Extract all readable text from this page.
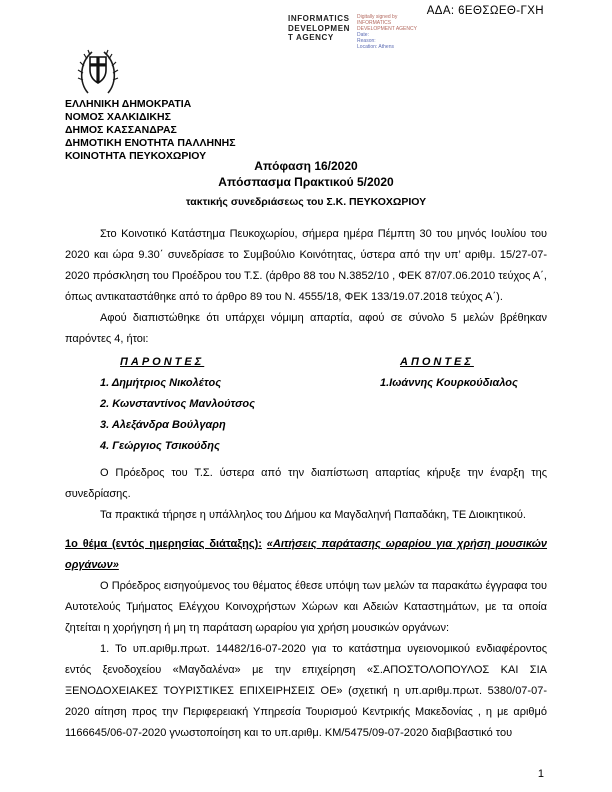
ΑΔΑ: 6ΕΘΣΩΕΘ-ΓΧΗ
INFORMATICS
DEVELOPMEN
T AGENCY
Digitally signed by
INFORMATICS
DEVELOPMENT AGENCY
Date:
Reason:
Location: Athens
ΕΛΛΗΝΙΚΗ ΔΗΜΟΚΡΑΤΙΑ
ΝΟΜΟΣ ΧΑΛΚΙΔΙΚΗΣ
ΔΗΜΟΣ ΚΑΣΣΑΝΔΡΑΣ
ΔΗΜΟΤΙΚΗ ΕΝΟΤΗΤΑ ΠΑΛΛΗΝΗΣ
ΚΟΙΝΟΤΗΤΑ ΠΕΥΚΟΧΩΡΙΟΥ
Απόφαση 16/2020
Απόσπασμα Πρακτικού 5/2020
τακτικής συνεδριάσεως του Σ.Κ. ΠΕΥΚΟΧΩΡΙΟΥ

Στο Κοινοτικό Κατάστημα Πευκοχωρίου, σήμερα ημέρα Πέμπτη 30 του μηνός Ιουλίου του 2020 και ώρα 9.30΄ συνεδρίασε το Συμβούλιο Κοινότητας, ύστερα από την υπ’ αριθμ. 15/27-07-2020 πρόσκληση του Προέδρου του Τ.Σ. (άρθρο 88 του Ν.3852/10 , ΦΕΚ 87/07.06.2010 τεύχος Α΄, όπως αντικαταστάθηκε από το άρθρο 89 του Ν. 4555/18, ΦΕΚ 133/19.07.2018 τεύχος Α΄).

Αφού διαπιστώθηκε ότι υπάρχει νόμιμη απαρτία, αφού σε σύνολο 5 μελών βρέθηκαν παρόντες 4, ήτοι:

ΠΑΡΟΝΤΕΣ
1. Δημήτριος Νικολέτος
2. Κωνσταντίνος Μανλούτσος
3. Αλεξάνδρα Βούλγαρη
4. Γεώργιος Τσικούδης
ΑΠΟΝΤΕΣ
1.Ιωάννης Κουρκούδιαλος

Ο Πρόεδρος του Τ.Σ. ύστερα από την διαπίστωση απαρτίας κήρυξε την έναρξη της συνεδρίασης.

Τα πρακτικά τήρησε η υπάλληλος του Δήμου κα Μαγδαληνή Παπαδάκη, ΤΕ Διοικητικού.

1ο θέμα (εντός ημερησίας διάταξης): «Αιτήσεις παράτασης ωραρίου για χρήση μουσικών οργάνων»

Ο Πρόεδρος εισηγούμενος του θέματος έθεσε υπόψη των μελών τα παρακάτω έγγραφα του Αυτοτελούς Τμήματος Ελέγχου Κοινοχρήστων Χώρων και Αδειών Καταστημάτων, με τα οποία ζητείται η χορήγηση ή μη τη παράταση ωραρίου για χρήση μουσικών οργάνων:

1. Το υπ.αριθμ.πρωτ. 14482/16-07-2020 για το κατάστημα υγειονομικού ενδιαφέροντος εντός ξενοδοχείου «Μαγδαλένα» με την επιχείρηση «Σ.ΑΠΟΣΤΟΛΟΠΟΥΛΟΣ ΚΑΙ ΣΙΑ ΞΕΝΟΔΟΧΕΙΑΚΕΣ ΤΟΥΡΙΣΤΙΚΕΣ ΕΠΙΧΕΙΡΗΣΕΙΣ ΟΕ» (σχετική η υπ.αριθμ.πρωτ. 5380/07-07-2020 αίτηση προς την Περιφερειακή Υπηρεσία Τουρισμού Κεντρικής Μακεδονίας , η με αριθμό 1166645/06-07-2020 γνωστοποίηση και το υπ.αριθμ. ΚΜ/5475/09-07-2020 διαβιβαστικό του

1
